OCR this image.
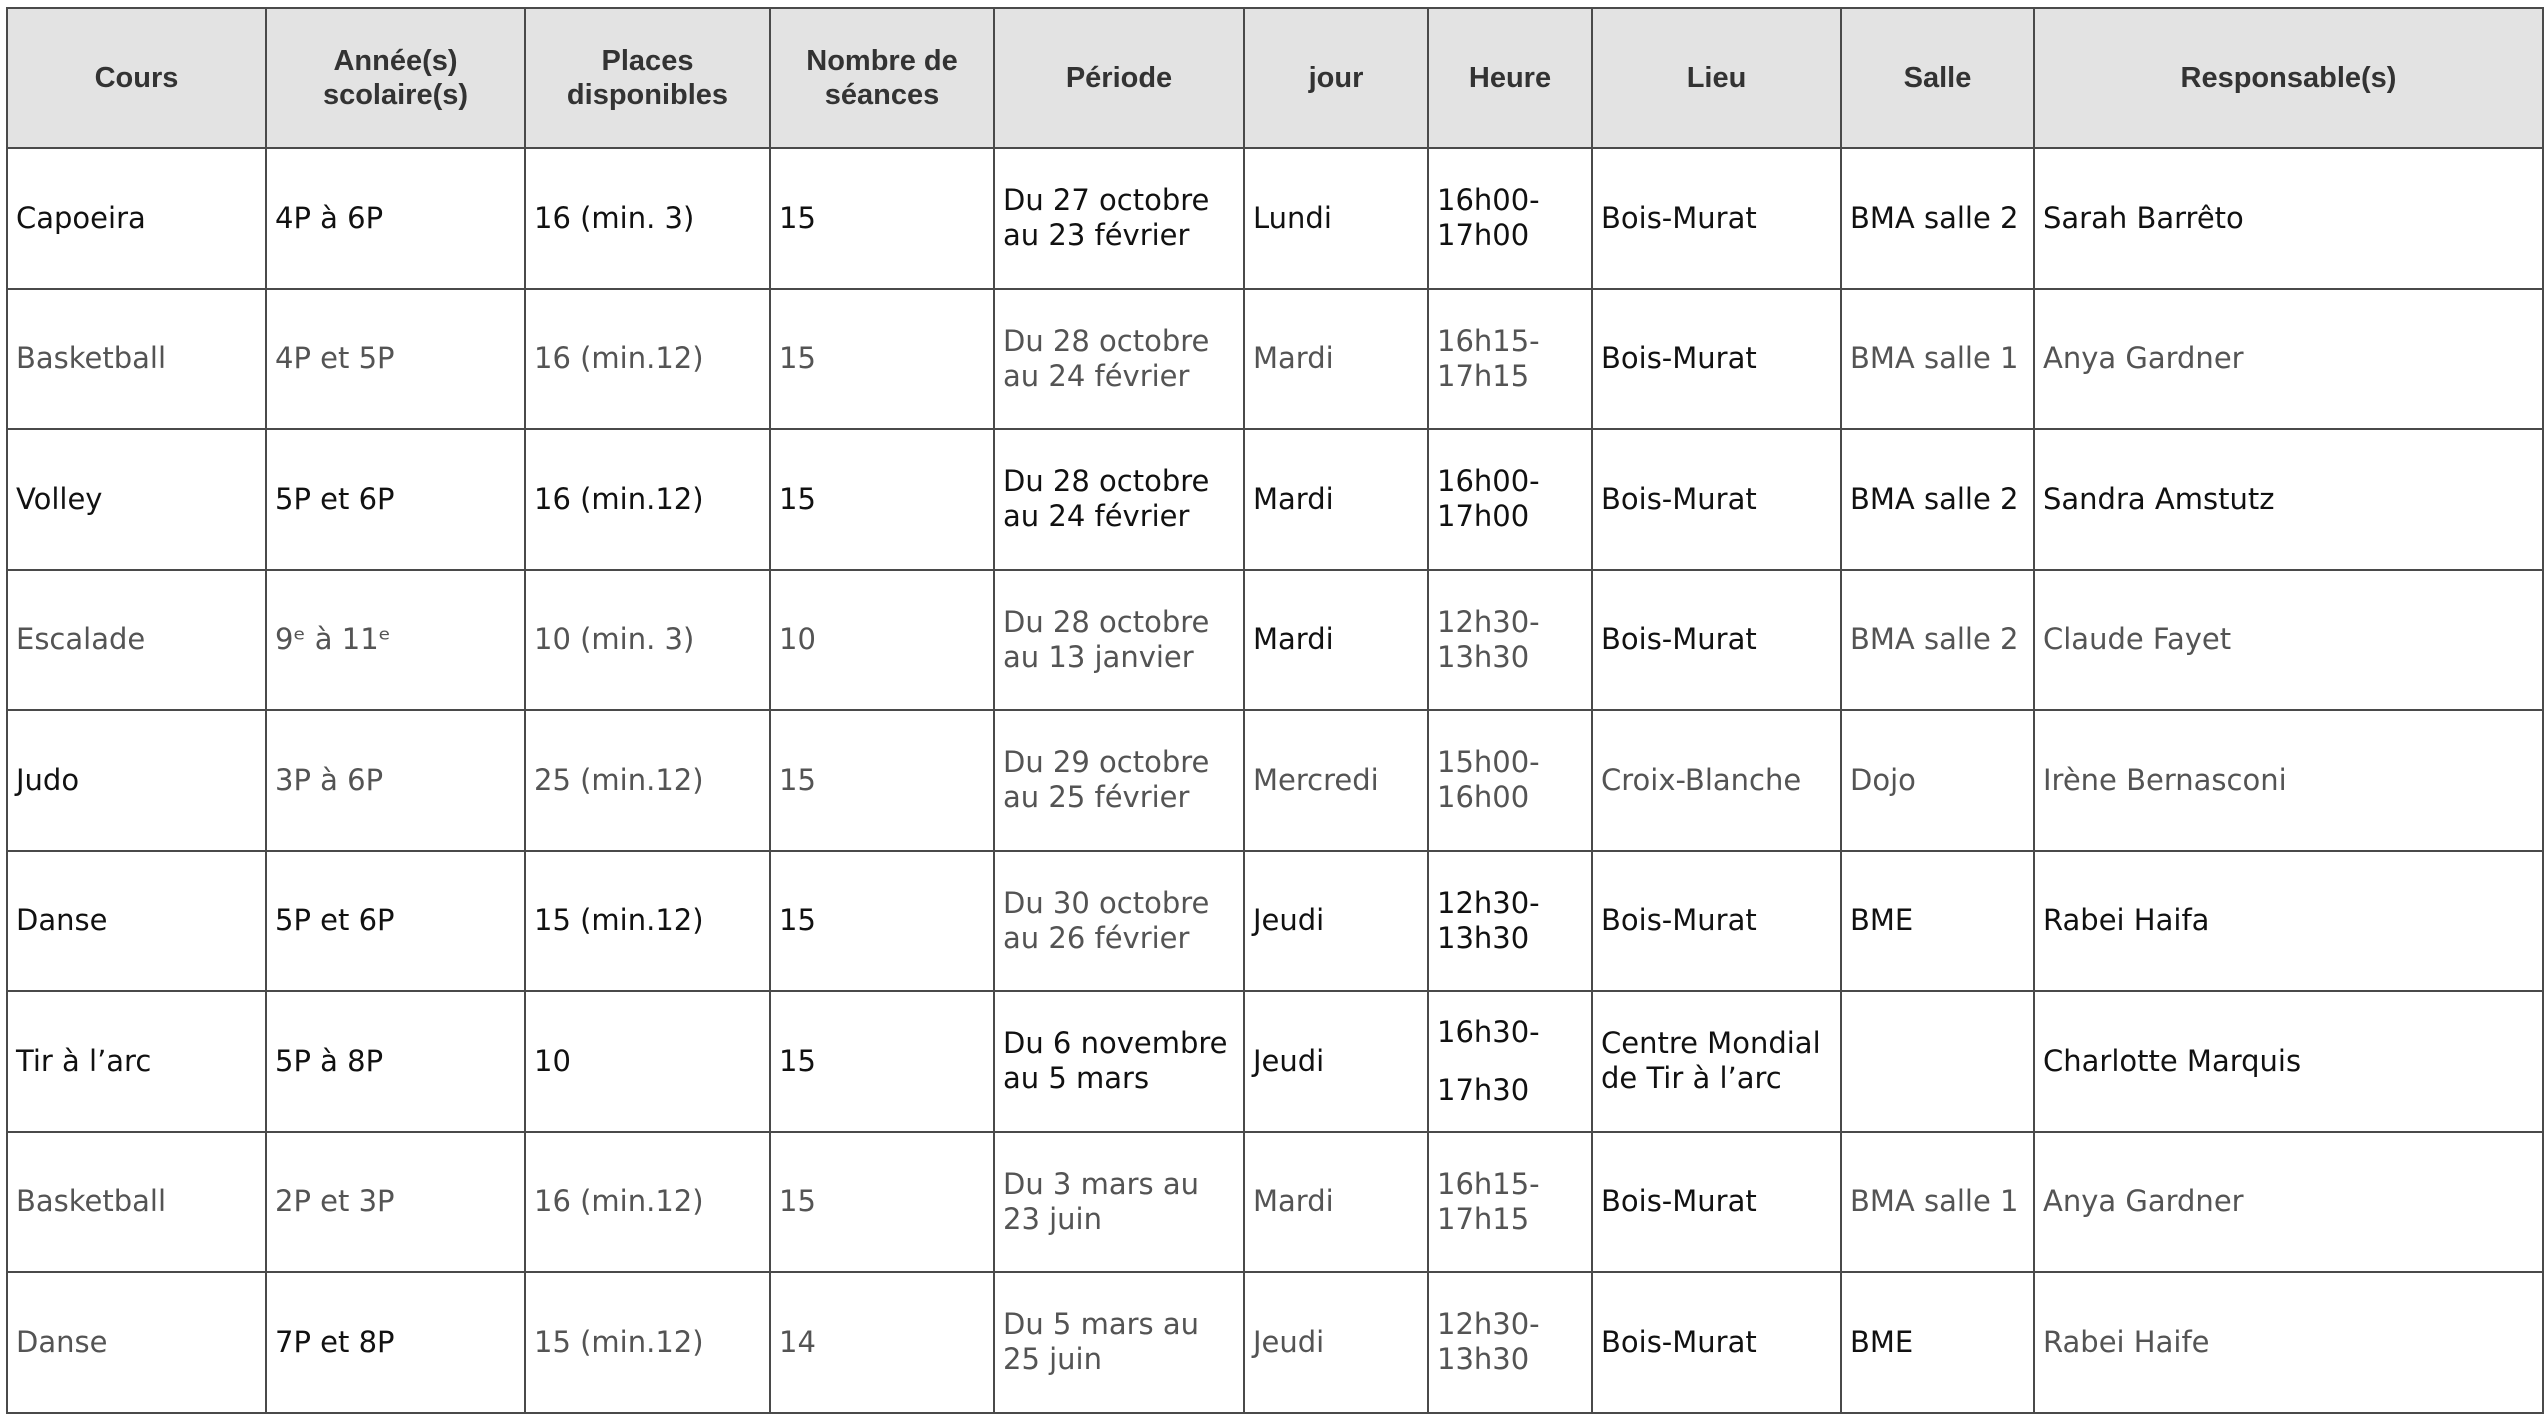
Cours	Année(s) scolaire(s)	Places disponibles	Nombre de séances	Période	jour	Heure	Lieu	Salle	Responsable(s)
Capoeira	4P à 6P	16 (min. 3)	15	Du 27 octobre au 23 février	Lundi	16h00-17h00	Bois-Murat	BMA salle 2	Sarah Barrêto
Basketball	4P et 5P	16 (min.12)	15	Du 28 octobre au 24 février	Mardi	16h15-17h15	Bois-Murat	BMA salle 1	Anya Gardner
Volley	5P et 6P	16 (min.12)	15	Du 28 octobre au 24 février	Mardi	16h00-17h00	Bois-Murat	BMA salle 2	Sandra Amstutz
Escalade	9ᵉ à 11ᵉ	10 (min. 3)	10	Du 28 octobre au 13 janvier	Mardi	12h30-13h30	Bois-Murat	BMA salle 2	Claude Fayet
Judo	3P à 6P	25 (min.12)	15	Du 29 octobre au 25 février	Mercredi	15h00-16h00	Croix-Blanche	Dojo	Irène Bernasconi
Danse	5P et 6P	15 (min.12)	15	Du 30 octobre au 26 février	Jeudi	12h30-13h30	Bois-Murat	BME	Rabei Haifa
Tir à l’arc	5P à 8P	10	15	Du 6 novembre au 5 mars	Jeudi	16h30-17h30	Centre Mondial de Tir à l’arc		Charlotte Marquis
Basketball	2P et 3P	16 (min.12)	15	Du 3 mars au 23 juin	Mardi	16h15-17h15	Bois-Murat	BMA salle 1	Anya Gardner
Danse	7P et 8P	15 (min.12)	14	Du 5 mars au 25 juin	Jeudi	12h30-13h30	Bois-Murat	BME	Rabei Haife
